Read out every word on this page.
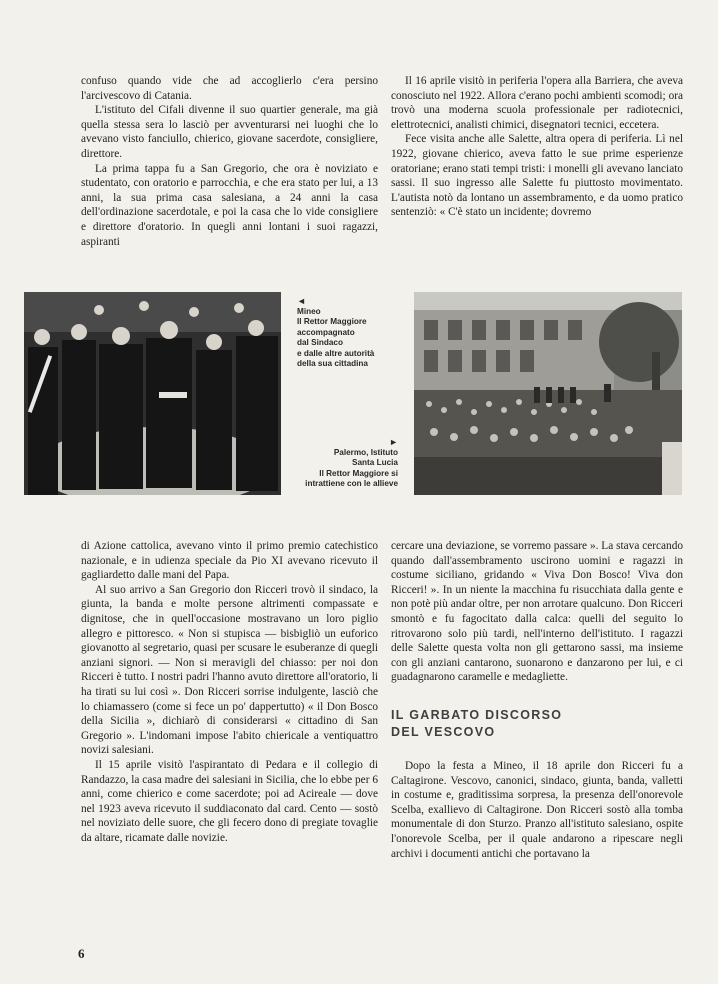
confuso quando vide che ad accoglierlo c'era persino l'arcivescovo di Catania.

L'istituto del Cifali divenne il suo quartier generale, ma già quella stessa sera lo lasciò per avventurarsi nei luoghi che lo avevano visto fanciullo, chierico, giovane sacerdote, consigliere, direttore.

La prima tappa fu a San Gregorio, che ora è noviziato e studentato, con oratorio e parrocchia, e che era stato per lui, a 13 anni, la sua prima casa salesiana, a 24 anni la casa dell'ordinazione sacerdotale, e poi la casa che lo vide consigliere e direttore d'oratorio. In quegli anni lontani i suoi ragazzi, aspiranti

Il 16 aprile visitò in periferia l'opera alla Barriera, che aveva conosciuto nel 1922. Allora c'erano pochi ambienti scomodi; ora trovò una moderna scuola professionale per radiotecnici, elettrotecnici, analisti chimici, disegnatori tecnici, eccetera.

Fece visita anche alle Salette, altra opera di periferia. Lì nel 1922, giovane chierico, aveva fatto le sue prime esperienze oratoriane; erano stati tempi tristi: i monelli gli avevano lanciato sassi. Il suo ingresso alle Salette fu piuttosto movimentato. L'autista notò da lontano un assembramento, e da uomo pratico sentenziò: « C'è stato un incidente; dovremo

◄
Mineo
Il Rettor Maggiore
accompagnato
dal Sindaco
e dalle altre autorità
della sua cittadina
►
Palermo, Istituto
Santa Lucia
Il Rettor Maggiore si
intrattiene con le allieve

di Azione cattolica, avevano vinto il primo premio catechistico nazionale, e in udienza speciale da Pio XI avevano ricevuto il gagliardetto dalle mani del Papa.

Al suo arrivo a San Gregorio don Ricceri trovò il sindaco, la giunta, la banda e molte persone altrimenti compassate e dignitose, che in quell'occasione mostravano un loro piglio allegro e pittoresco. « Non si stupisca — bisbigliò un euforico giovanotto al segretario, quasi per scusare le esuberanze di quegli anziani signori. — Non si meravigli del chiasso: per noi don Ricceri è tutto. I nostri padri l'hanno avuto direttore all'oratorio, li ha tirati su lui così ». Don Ricceri sorrise indulgente, lasciò che lo chiamassero (come si fece un po' dappertutto) « il Don Bosco della Sicilia », dichiarò di considerarsi « cittadino di San Gregorio ». L'indomani impose l'abito chiericale a ventiquattro novizi salesiani.

Il 15 aprile visitò l'aspirantato di Pedara e il collegio di Randazzo, la casa madre dei salesiani in Sicilia, che lo ebbe per 6 anni, come chierico e come sacerdote; poi ad Acireale — dove nel 1923 aveva ricevuto il suddiaconato dal card. Cento — sostò nel noviziato delle suore, che gli fecero dono di pregiate tovaglie da altare, ricamate dalle novizie.

cercare una deviazione, se vorremo passare ». La stava cercando quando dall'assembramento uscirono uomini e ragazzi in costume siciliano, gridando « Viva Don Bosco! Viva don Ricceri! ». In un niente la macchina fu risucchiata dalla gente e non potè più andar oltre, per non arrotare qualcuno. Don Ricceri smontò e fu fagocitato dalla calca: quelli del seguito lo ritrovarono solo più tardi, nell'interno dell'istituto. I ragazzi delle Salette questa volta non gli gettarono sassi, ma insieme con gli anziani cantarono, suonarono e danzarono per lui, e ci guadagnarono caramelle e medagliette.

IL GARBATO DISCORSO
DEL VESCOVO

Dopo la festa a Mineo, il 18 aprile don Ricceri fu a Caltagirone. Vescovo, canonici, sindaco, giunta, banda, valletti in costume e, graditissima sorpresa, la presenza dell'onorevole Scelba, exallievo di Caltagirone. Don Ricceri sostò alla tomba monumentale di don Sturzo. Pranzo all'istituto salesiano, ospite l'onorevole Scelba, per il quale andarono a ripescare negli archivi i documenti antichi che portavano la

6
